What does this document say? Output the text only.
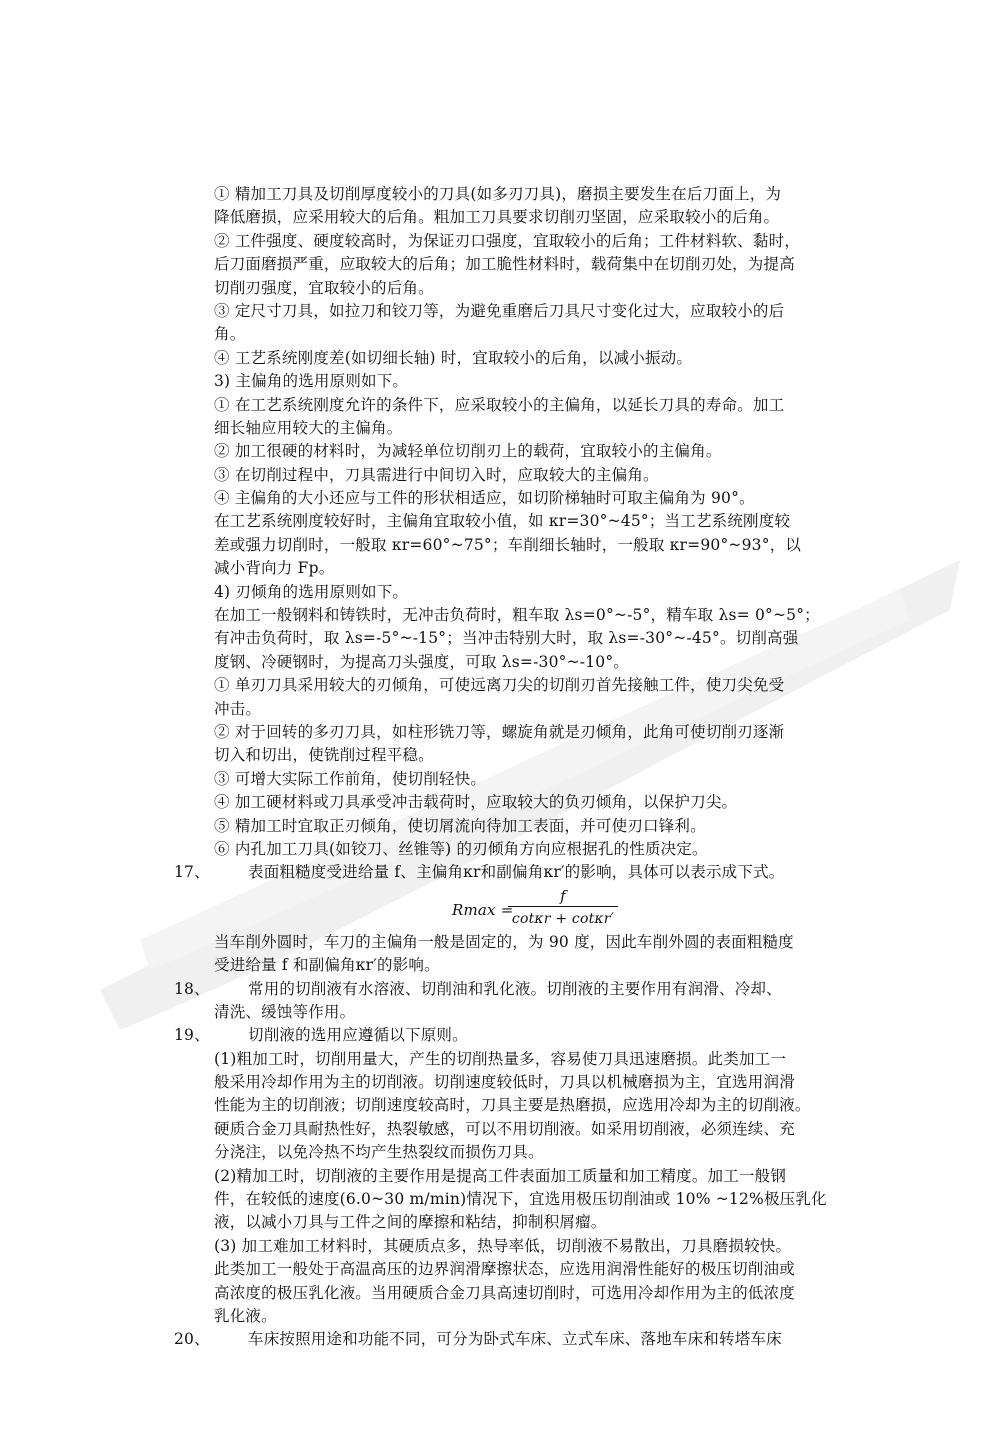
① 精加工刀具及切削厚度较小的刀具(如多刃刀具)，磨损主要发生在后刀面上，为
降低磨损，应采用较大的后角。粗加工刀具要求切削刃坚固，应采取较小的后角。
② 工件强度、硬度较高时，为保证刃口强度，宜取较小的后角；工件材料软、黏时，
后刀面磨损严重，应取较大的后角；加工脆性材料时，载荷集中在切削刃处，为提高
切削刃强度，宜取较小的后角。
③ 定尺寸刀具，如拉刀和铰刀等，为避免重磨后刀具尺寸变化过大，应取较小的后
角。
④ 工艺系统刚度差(如切细长轴) 时，宜取较小的后角，以减小振动。
3) 主偏角的选用原则如下。
① 在工艺系统刚度允许的条件下，应采取较小的主偏角，以延长刀具的寿命。加工
细长轴应用较大的主偏角。
② 加工很硬的材料时，为减轻单位切削刃上的载荷，宜取较小的主偏角。
③ 在切削过程中，刀具需进行中间切入时，应取较大的主偏角。
④ 主偏角的大小还应与工件的形状相适应，如切阶梯轴时可取主偏角为 90°。
在工艺系统刚度较好时，主偏角宜取较小值，如 κr=30°~45°；当工艺系统刚度较
差或强力切削时，一般取 κr=60°~75°；车削细长轴时，一般取 κr=90°~93°，以
减小背向力 Fp。
4) 刃倾角的选用原则如下。
在加工一般钢料和铸铁时，无冲击负荷时，粗车取 λs=0°~-5°，精车取 λs= 0°~5°；
有冲击负荷时，取 λs=-5°~-15°；当冲击特别大时，取 λs=-30°~-45°。切削高强
度钢、冷硬钢时，为提高刀头强度，可取 λs=-30°~-10°。
① 单刃刀具采用较大的刃倾角，可使远离刀尖的切削刃首先接触工件，使刀尖免受
冲击。
② 对于回转的多刃刀具，如柱形铣刀等，螺旋角就是刃倾角，此角可使切削刃逐渐
切入和切出，使铣削过程平稳。
③ 可增大实际工作前角，使切削轻快。
④ 加工硬材料或刀具承受冲击载荷时，应取较大的负刃倾角，以保护刀尖。
⑤ 精加工时宜取正刃倾角，使切屑流向待加工表面，并可使刃口锋利。
⑥ 内孔加工刀具(如铰刀、丝锥等) 的刃倾角方向应根据孔的性质决定。
17、 表面粗糙度受进给量 f、主偏角κr和副偏角κr′的影响，具体可以表示成下式。
Rmax =
f
cotκr + cotκr′
当车削外圆时，车刀的主偏角一般是固定的，为 90 度，因此车削外圆的表面粗糙度
受进给量 f 和副偏角κr′的影响。
18、 常用的切削液有水溶液、切削油和乳化液。切削液的主要作用有润滑、冷却、
清洗、缓蚀等作用。
19、 切削液的选用应遵循以下原则。
(1)粗加工时，切削用量大，产生的切削热量多，容易使刀具迅速磨损。此类加工一
般采用冷却作用为主的切削液。切削速度较低时，刀具以机械磨损为主，宜选用润滑
性能为主的切削液；切削速度较高时，刀具主要是热磨损，应选用冷却为主的切削液。
硬质合金刀具耐热性好，热裂敏感，可以不用切削液。如采用切削液，必须连续、充
分浇注，以免冷热不均产生热裂纹而损伤刀具。
(2)精加工时，切削液的主要作用是提高工件表面加工质量和加工精度。加工一般钢
件，在较低的速度(6.0~30 m/min)情况下，宜选用极压切削油或 10% ~12%极压乳化
液，以减小刀具与工件之间的摩擦和粘结，抑制积屑瘤。
(3) 加工难加工材料时，其硬质点多，热导率低，切削液不易散出，刀具磨损较快。
此类加工一般处于高温高压的边界润滑摩擦状态，应选用润滑性能好的极压切削油或
高浓度的极压乳化液。当用硬质合金刀具高速切削时，可选用冷却作用为主的低浓度
乳化液。
20、 车床按照用途和功能不同，可分为卧式车床、立式车床、落地车床和转塔车床
